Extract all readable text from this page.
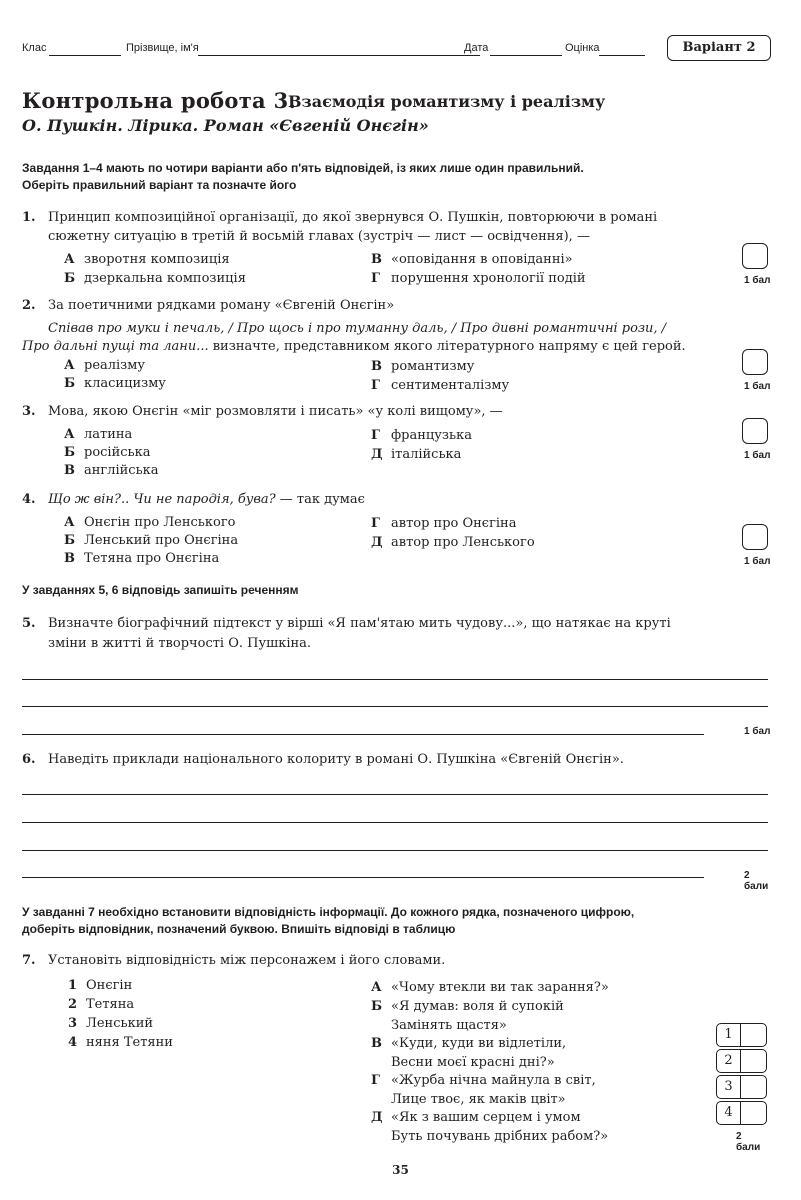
Клас	Прізвище, ім'я	Дата	Оцінка	Варіант 2
Контрольна робота 3.
Взаємодія романтизму і реалізму
О. Пушкін. Лірика. Роман «Євгеній Онєгін»
Завдання 1–4 мають по чотири варіанти або п'ять відповідей, із яких лише один правильний.
Оберіть правильний варіант та позначте його
1. Принцип композиційної організації, до якої звернувся О. Пушкін, повторюючи в романі
сюжетну ситуацію в третій й восьмій главах (зустріч — лист — освідчення), —
А зворотня композиція
Б дзеркальна композиція
В «оповідання в оповіданні»
Г порушення хронології подій	1 бал
2. За поетичними рядками роману «Євгеній Онєгін»
Співав про муки і печаль, / Про щось і про туманну даль, / Про дивні романтичні рози, /
Про дальні пущі та лани... визначте, представником якого літературного напряму є цей герой.
А реалізму
Б класицизму
В романтизму
Г сентименталізму	1 бал
3. Мова, якою Онєгін «міг розмовляти і писать» «у колі вищому», —
А латина
Б російська
В англійська
Г французька
Д італійська	1 бал
4. Що ж він?.. Чи не пародія, бува? — так думає
А Онєгін про Ленського
Б Ленський про Онєгіна
В Тетяна про Онєгіна
Г автор про Онєгіна
Д автор про Ленського
1 бал
У завданнях 5, 6 відповідь запишіть реченням
5. Визначте біографічний підтекст у вірші «Я пам'ятаю мить чудову...», що натякає на круті
зміни в житті й творчості О. Пушкіна.
1 бал
6. Наведіть приклади національного колориту в романі О. Пушкіна «Євгеній Онєгін».
2 бали
У завданні 7 необхідно встановити відповідність інформації. До кожного рядка, позначеного цифрою,
доберіть відповідник, позначений буквою. Впишіть відповіді в таблицю
7. Установіть відповідність між персонажем і його словами.
1 Онєгін
2 Тетяна
3 Ленський
4 няня Тетяни
А «Чому втекли ви так зарання?»
Б «Я думав: воля й супокій
Замінять щастя»
В «Куди, куди ви відлетіли,
Весни моєї красні дні?»
Г «Журба нічна майнула в світ,
Лице твоє, як маків цвіт»
Д «Як з вашим серцем і умом
Буть почувань дрібних рабом?»
1
2
3
4
2 бали
35
